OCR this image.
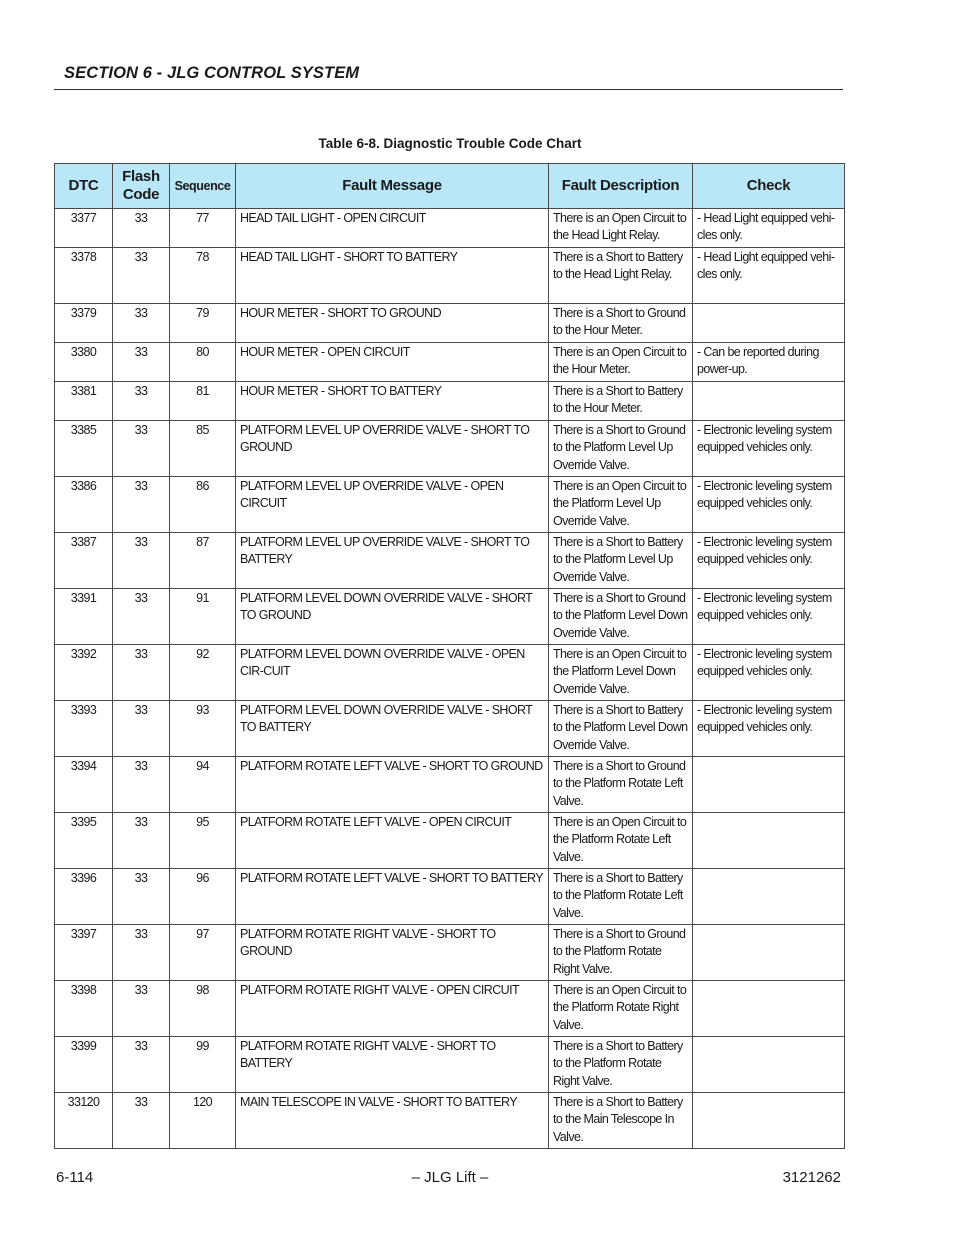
SECTION 6 - JLG CONTROL SYSTEM
Table 6-8. Diagnostic Trouble Code Chart
DTC	Flash Code	Sequence	Fault Message	Fault Description	Check
3377	33	77	HEAD TAIL LIGHT - OPEN CIRCUIT	There is an Open Circuit to the Head Light Relay.	- Head Light equipped vehi-cles only.
3378	33	78	HEAD TAIL LIGHT - SHORT TO BATTERY	There is a Short to Battery to the Head Light Relay.	- Head Light equipped vehi-cles only.
3379	33	79	HOUR METER - SHORT TO GROUND	There is a Short to Ground to the Hour Meter.	
3380	33	80	HOUR METER - OPEN CIRCUIT	There is an Open Circuit to the Hour Meter.	- Can be reported during power-up.
3381	33	81	HOUR METER - SHORT TO BATTERY	There is a Short to Battery to the Hour Meter.	
3385	33	85	PLATFORM LEVEL UP OVERRIDE VALVE - SHORT TO GROUND	There is a Short to Ground to the Platform Level Up Override Valve.	- Electronic leveling system equipped vehicles only.
3386	33	86	PLATFORM LEVEL UP OVERRIDE VALVE - OPEN CIRCUIT	There is an Open Circuit to the Platform Level Up Override Valve.	- Electronic leveling system equipped vehicles only.
3387	33	87	PLATFORM LEVEL UP OVERRIDE VALVE - SHORT TO BATTERY	There is a Short to Battery to the Platform Level Up Override Valve.	- Electronic leveling system equipped vehicles only.
3391	33	91	PLATFORM LEVEL DOWN OVERRIDE VALVE - SHORT TO GROUND	There is a Short to Ground to the Platform Level Down Override Valve.	- Electronic leveling system equipped vehicles only.
3392	33	92	PLATFORM LEVEL DOWN OVERRIDE VALVE - OPEN CIR-CUIT	There is an Open Circuit to the Platform Level Down Override Valve.	- Electronic leveling system equipped vehicles only.
3393	33	93	PLATFORM LEVEL DOWN OVERRIDE VALVE - SHORT TO BATTERY	There is a Short to Battery to the Platform Level Down Override Valve.	- Electronic leveling system equipped vehicles only.
3394	33	94	PLATFORM ROTATE LEFT VALVE - SHORT TO GROUND	There is a Short to Ground to the Platform Rotate Left Valve.	
3395	33	95	PLATFORM ROTATE LEFT VALVE - OPEN CIRCUIT	There is an Open Circuit to the Platform Rotate Left Valve.	
3396	33	96	PLATFORM ROTATE LEFT VALVE - SHORT TO BATTERY	There is a Short to Battery to the Platform Rotate Left Valve.	
3397	33	97	PLATFORM ROTATE RIGHT VALVE - SHORT TO GROUND	There is a Short to Ground to the Platform Rotate Right Valve.	
3398	33	98	PLATFORM ROTATE RIGHT VALVE - OPEN CIRCUIT	There is an Open Circuit to the Platform Rotate Right Valve.	
3399	33	99	PLATFORM ROTATE RIGHT VALVE - SHORT TO BATTERY	There is a Short to Battery to the Platform Rotate Right Valve.	
33120	33	120	MAIN TELESCOPE IN VALVE - SHORT TO BATTERY	There is a Short to Battery to the Main Telescope In Valve.	
6-114	– JLG Lift –	3121262
